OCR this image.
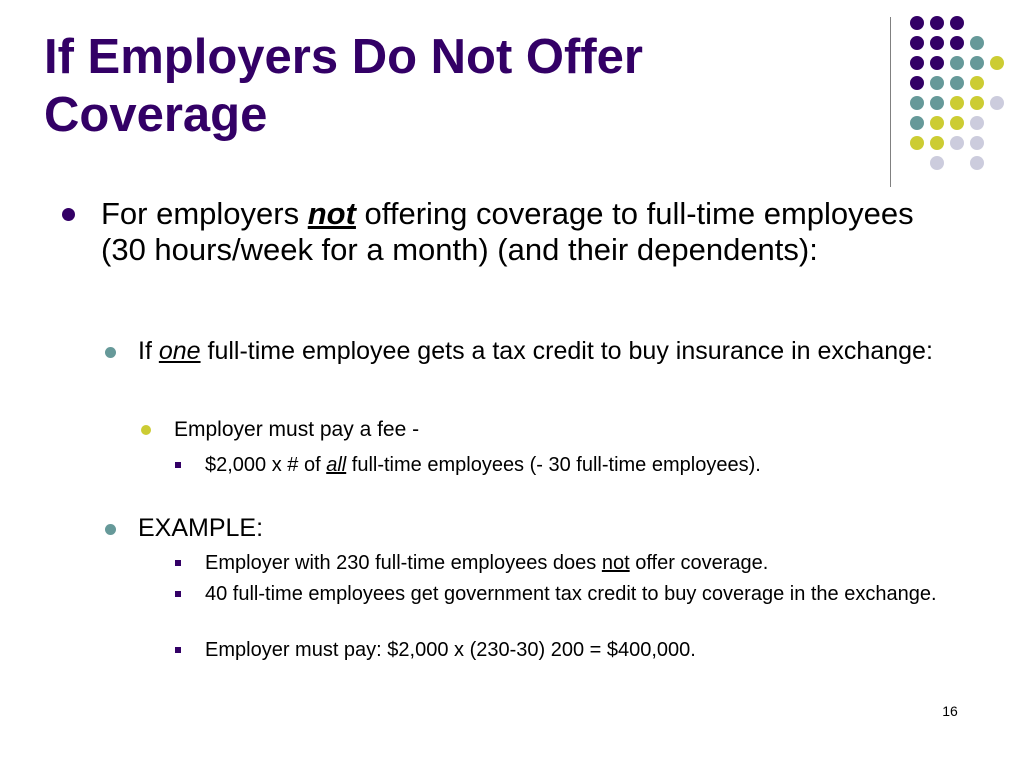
If Employers Do Not Offer
Coverage

For employers not offering coverage to full-time employees (30 hours/week for a month) (and their dependents):

If one full-time employee gets a tax credit to buy insurance in exchange:

Employer must pay a fee -

$2,000 x # of all full-time employees (- 30 full-time employees).

EXAMPLE:

Employer with 230 full-time employees does not offer coverage.

40 full-time employees get government tax credit to buy coverage in the exchange.

Employer must pay: $2,000 x (230-30) 200 = $400,000.

16
